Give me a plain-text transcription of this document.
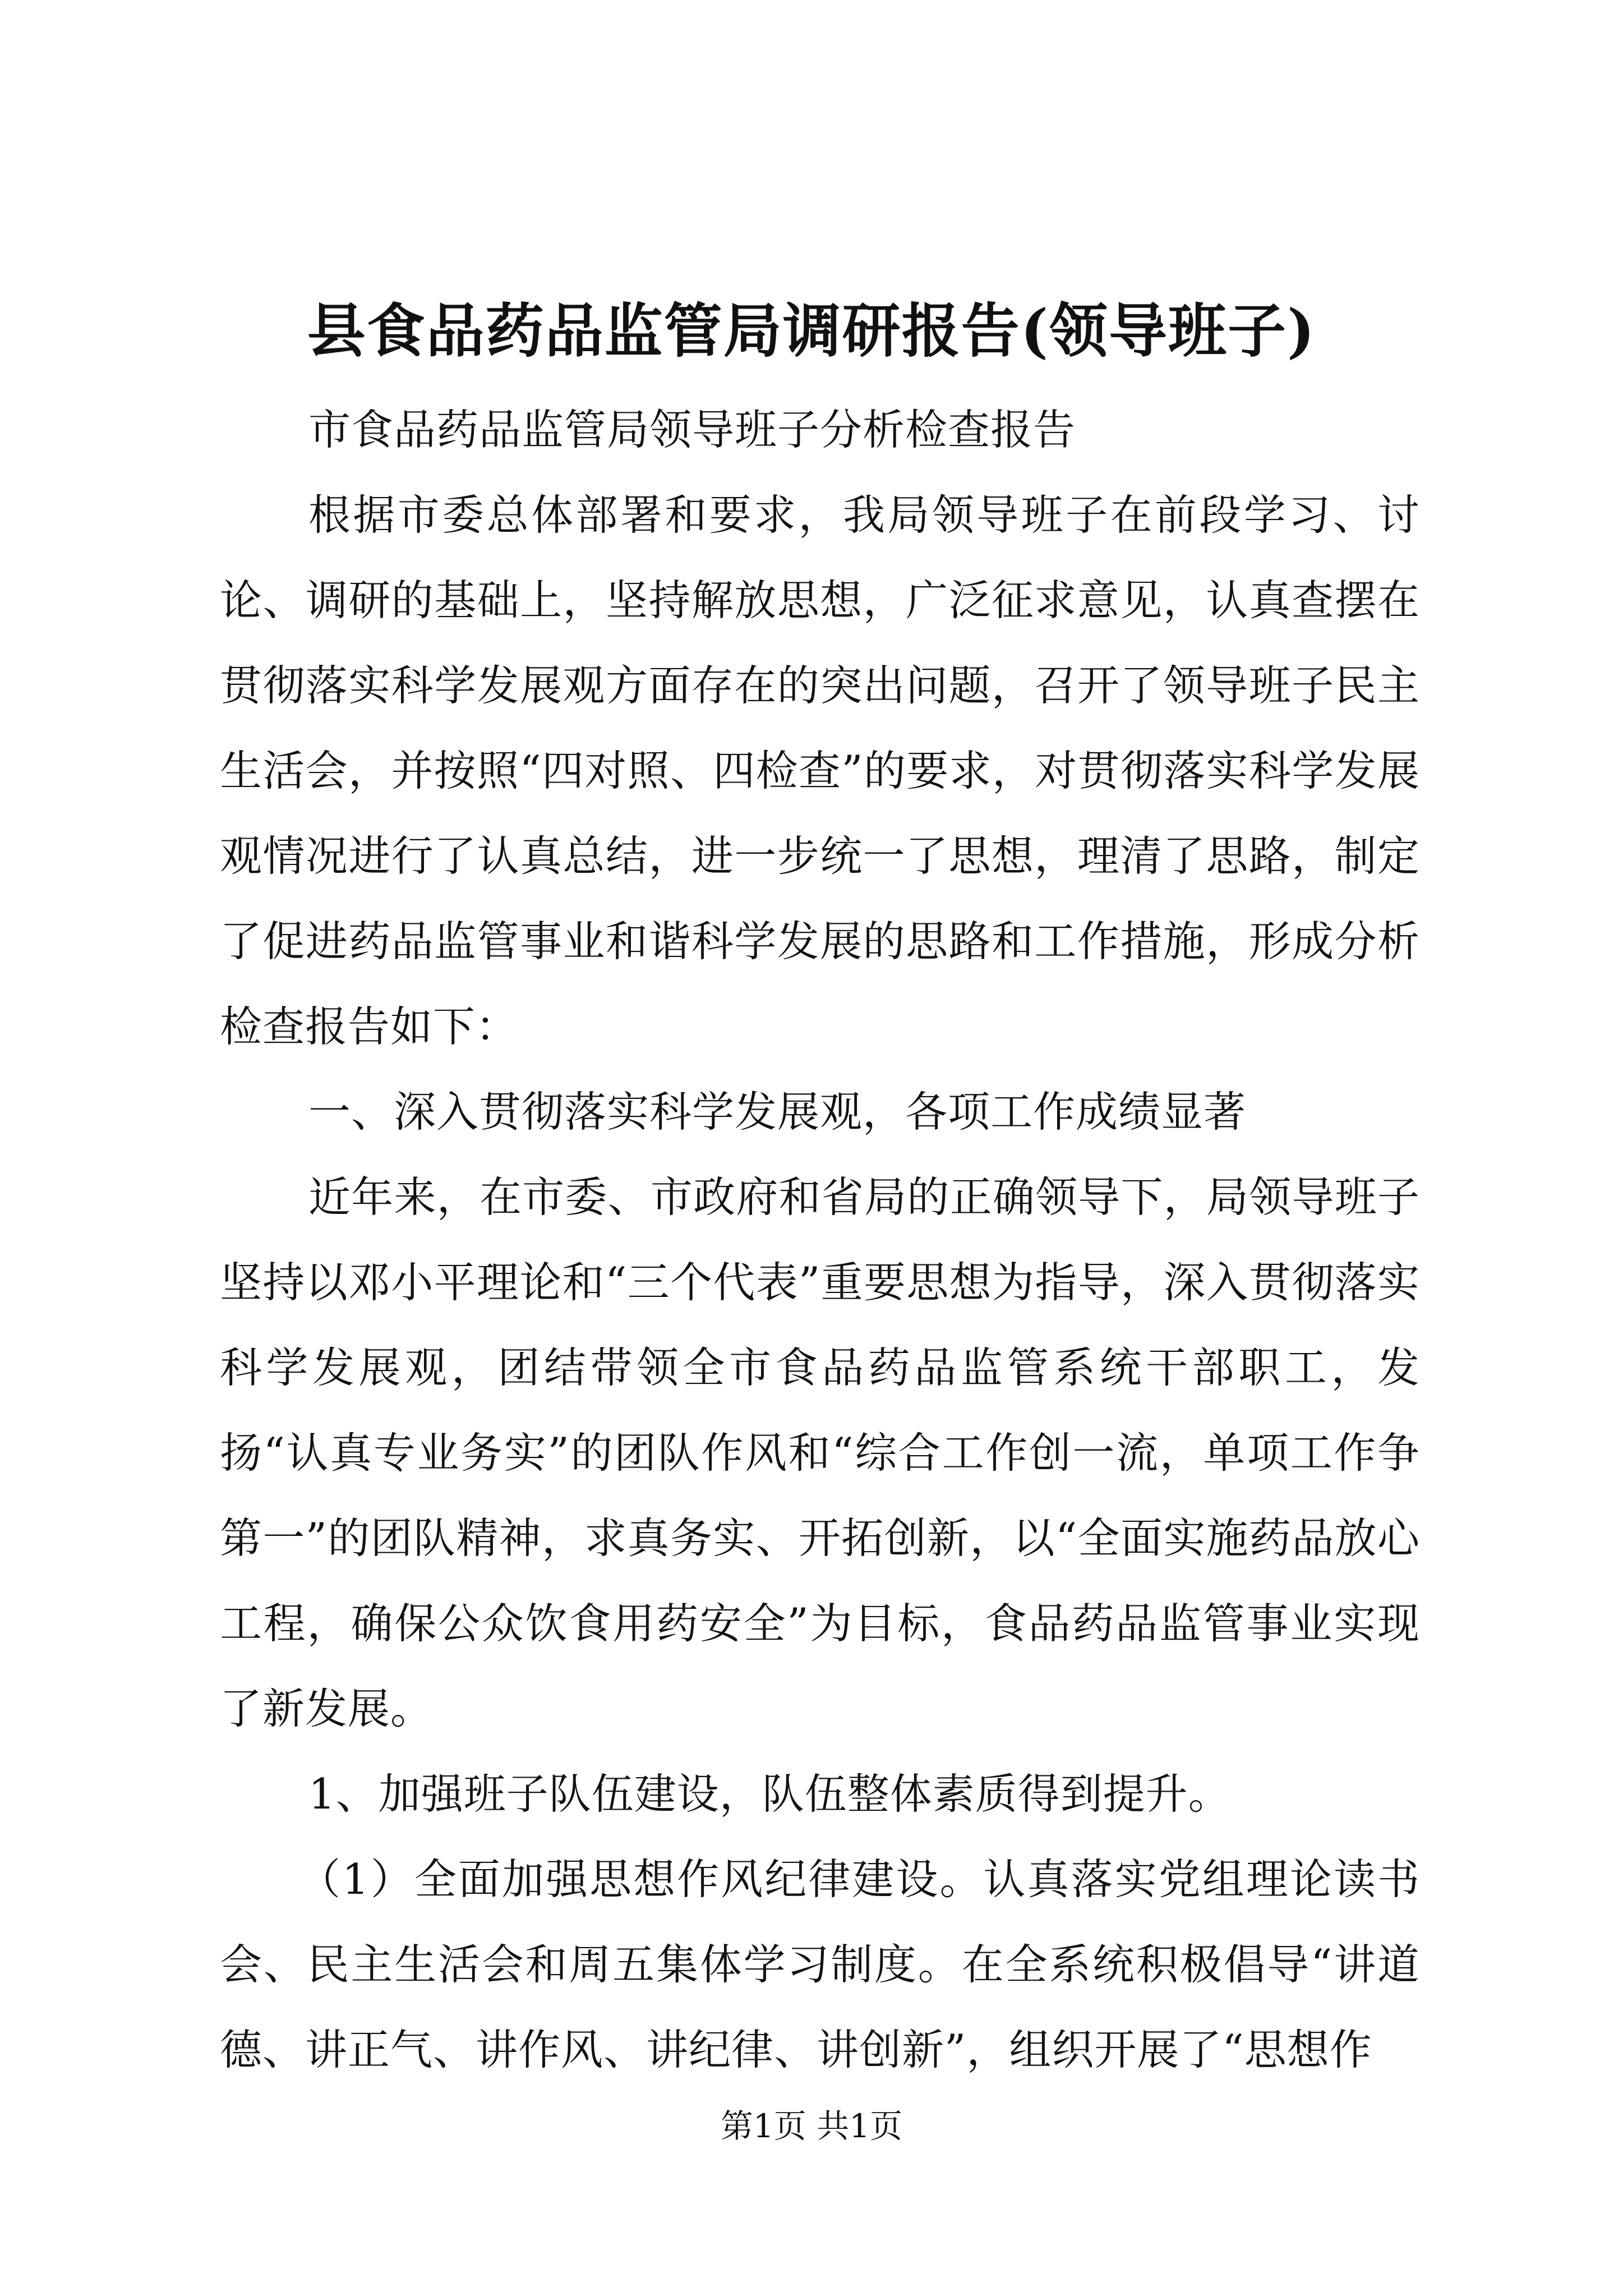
县食品药品监管局调研报告(领导班子)

市食品药品监管局领导班子分析检查报告

根据市委总体部署和要求，我局领导班子在前段学习、讨论、调研的基础上，坚持解放思想，广泛征求意见，认真查摆在贯彻落实科学发展观方面存在的突出问题，召开了领导班子民主生活会，并按照“四对照、四检查”的要求，对贯彻落实科学发展观情况进行了认真总结，进一步统一了思想，理清了思路，制定了促进药品监管事业和谐科学发展的思路和工作措施，形成分析检查报告如下：

一、深入贯彻落实科学发展观，各项工作成绩显著

近年来，在市委、市政府和省局的正确领导下，局领导班子坚持以邓小平理论和“三个代表”重要思想为指导，深入贯彻落实科学发展观，团结带领全市食品药品监管系统干部职工，发扬“认真专业务实”的团队作风和“综合工作创一流，单项工作争第一”的团队精神，求真务实、开拓创新，以“全面实施药品放心工程，确保公众饮食用药安全”为目标，食品药品监管事业实现了新发展。

1、加强班子队伍建设，队伍整体素质得到提升。

（1）全面加强思想作风纪律建设。认真落实党组理论读书会、民主生活会和周五集体学习制度。在全系统积极倡导“讲道德、讲正气、讲作风、讲纪律、讲创新”，组织开展了“思想作

第1页 共1页
